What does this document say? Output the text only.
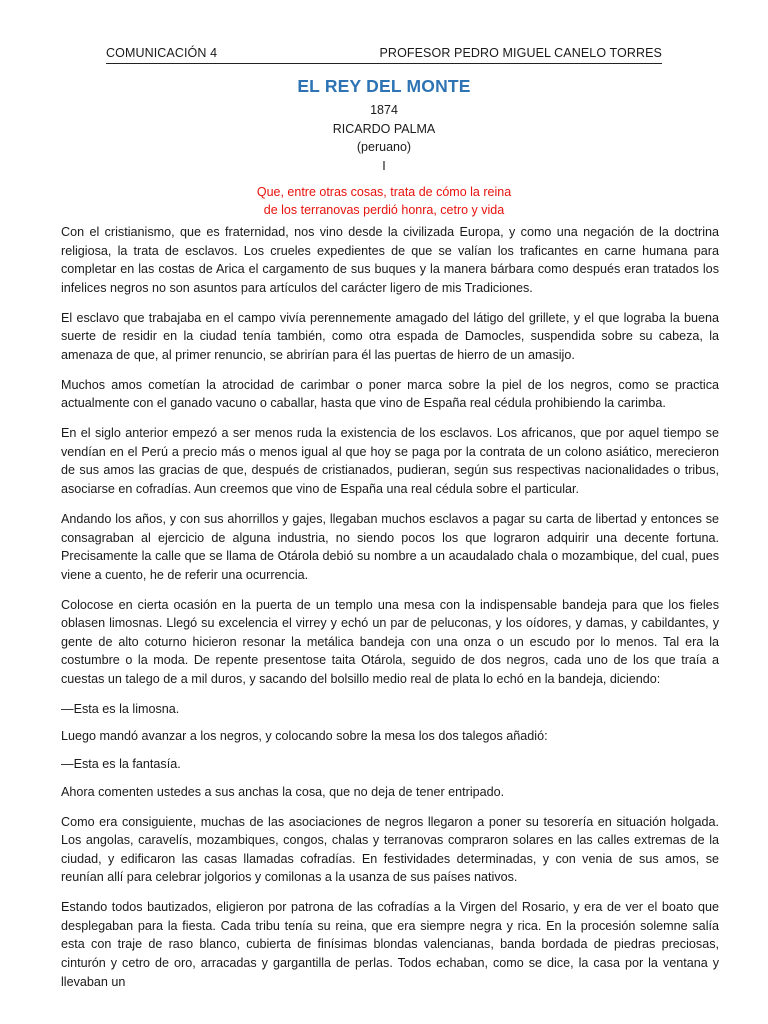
COMUNICACIÓN 4	PROFESOR PEDRO MIGUEL CANELO TORRES
EL REY DEL MONTE
1874
RICARDO PALMA
(peruano)
I
Que, entre otras cosas, trata de cómo la reina
de los terranovas perdió honra, cetro y vida

Con el cristianismo, que es fraternidad, nos vino desde la civilizada Europa, y como una negación de la doctrina religiosa, la trata de esclavos. Los crueles expedientes de que se valían los traficantes en carne humana para completar en las costas de Arica el cargamento de sus buques y la manera bárbara como después eran tratados los infelices negros no son asuntos para artículos del carácter ligero de mis Tradiciones.

El esclavo que trabajaba en el campo vivía perennemente amagado del látigo del grillete, y el que lograba la buena suerte de residir en la ciudad tenía también, como otra espada de Damocles, suspendida sobre su cabeza, la amenaza de que, al primer renuncio, se abrirían para él las puertas de hierro de un amasijo.

Muchos amos cometían la atrocidad de carimbar o poner marca sobre la piel de los negros, como se practica actualmente con el ganado vacuno o caballar, hasta que vino de España real cédula prohibiendo la carimba.

En el siglo anterior empezó a ser menos ruda la existencia de los esclavos. Los africanos, que por aquel tiempo se vendían en el Perú a precio más o menos igual al que hoy se paga por la contrata de un colono asiático, merecieron de sus amos las gracias de que, después de cristianados, pudieran, según sus respectivas nacionalidades o tribus, asociarse en cofradías. Aun creemos que vino de España una real cédula sobre el particular.

Andando los años, y con sus ahorrillos y gajes, llegaban muchos esclavos a pagar su carta de libertad y entonces se consagraban al ejercicio de alguna industria, no siendo pocos los que lograron adquirir una decente fortuna. Precisamente la calle que se llama de Otárola debió su nombre a un acaudalado chala o mozambique, del cual, pues viene a cuento, he de referir una ocurrencia.

Colocose en cierta ocasión en la puerta de un templo una mesa con la indispensable bandeja para que los fieles oblasen limosnas. Llegó su excelencia el virrey y echó un par de peluconas, y los oídores, y damas, y cabildantes, y gente de alto coturno hicieron resonar la metálica bandeja con una onza o un escudo por lo menos. Tal era la costumbre o la moda. De repente presentose taita Otárola, seguido de dos negros, cada uno de los que traía a cuestas un talego de a mil duros, y sacando del bolsillo medio real de plata lo echó en la bandeja, diciendo:

—Esta es la limosna.

Luego mandó avanzar a los negros, y colocando sobre la mesa los dos talegos añadió:

—Esta es la fantasía.

Ahora comenten ustedes a sus anchas la cosa, que no deja de tener entripado.

Como era consiguiente, muchas de las asociaciones de negros llegaron a poner su tesorería en situación holgada. Los angolas, caravelís, mozambiques, congos, chalas y terranovas compraron solares en las calles extremas de la ciudad, y edificaron las casas llamadas cofradías. En festividades determinadas, y con venia de sus amos, se reunían allí para celebrar jolgorios y comilonas a la usanza de sus países nativos.

Estando todos bautizados, eligieron por patrona de las cofradías a la Virgen del Rosario, y era de ver el boato que desplegaban para la fiesta. Cada tribu tenía su reina, que era siempre negra y rica. En la procesión solemne salía esta con traje de raso blanco, cubierta de finísimas blondas valencianas, banda bordada de piedras preciosas, cinturón y cetro de oro, arracadas y gargantilla de perlas. Todos echaban, como se dice, la casa por la ventana y llevaban un
